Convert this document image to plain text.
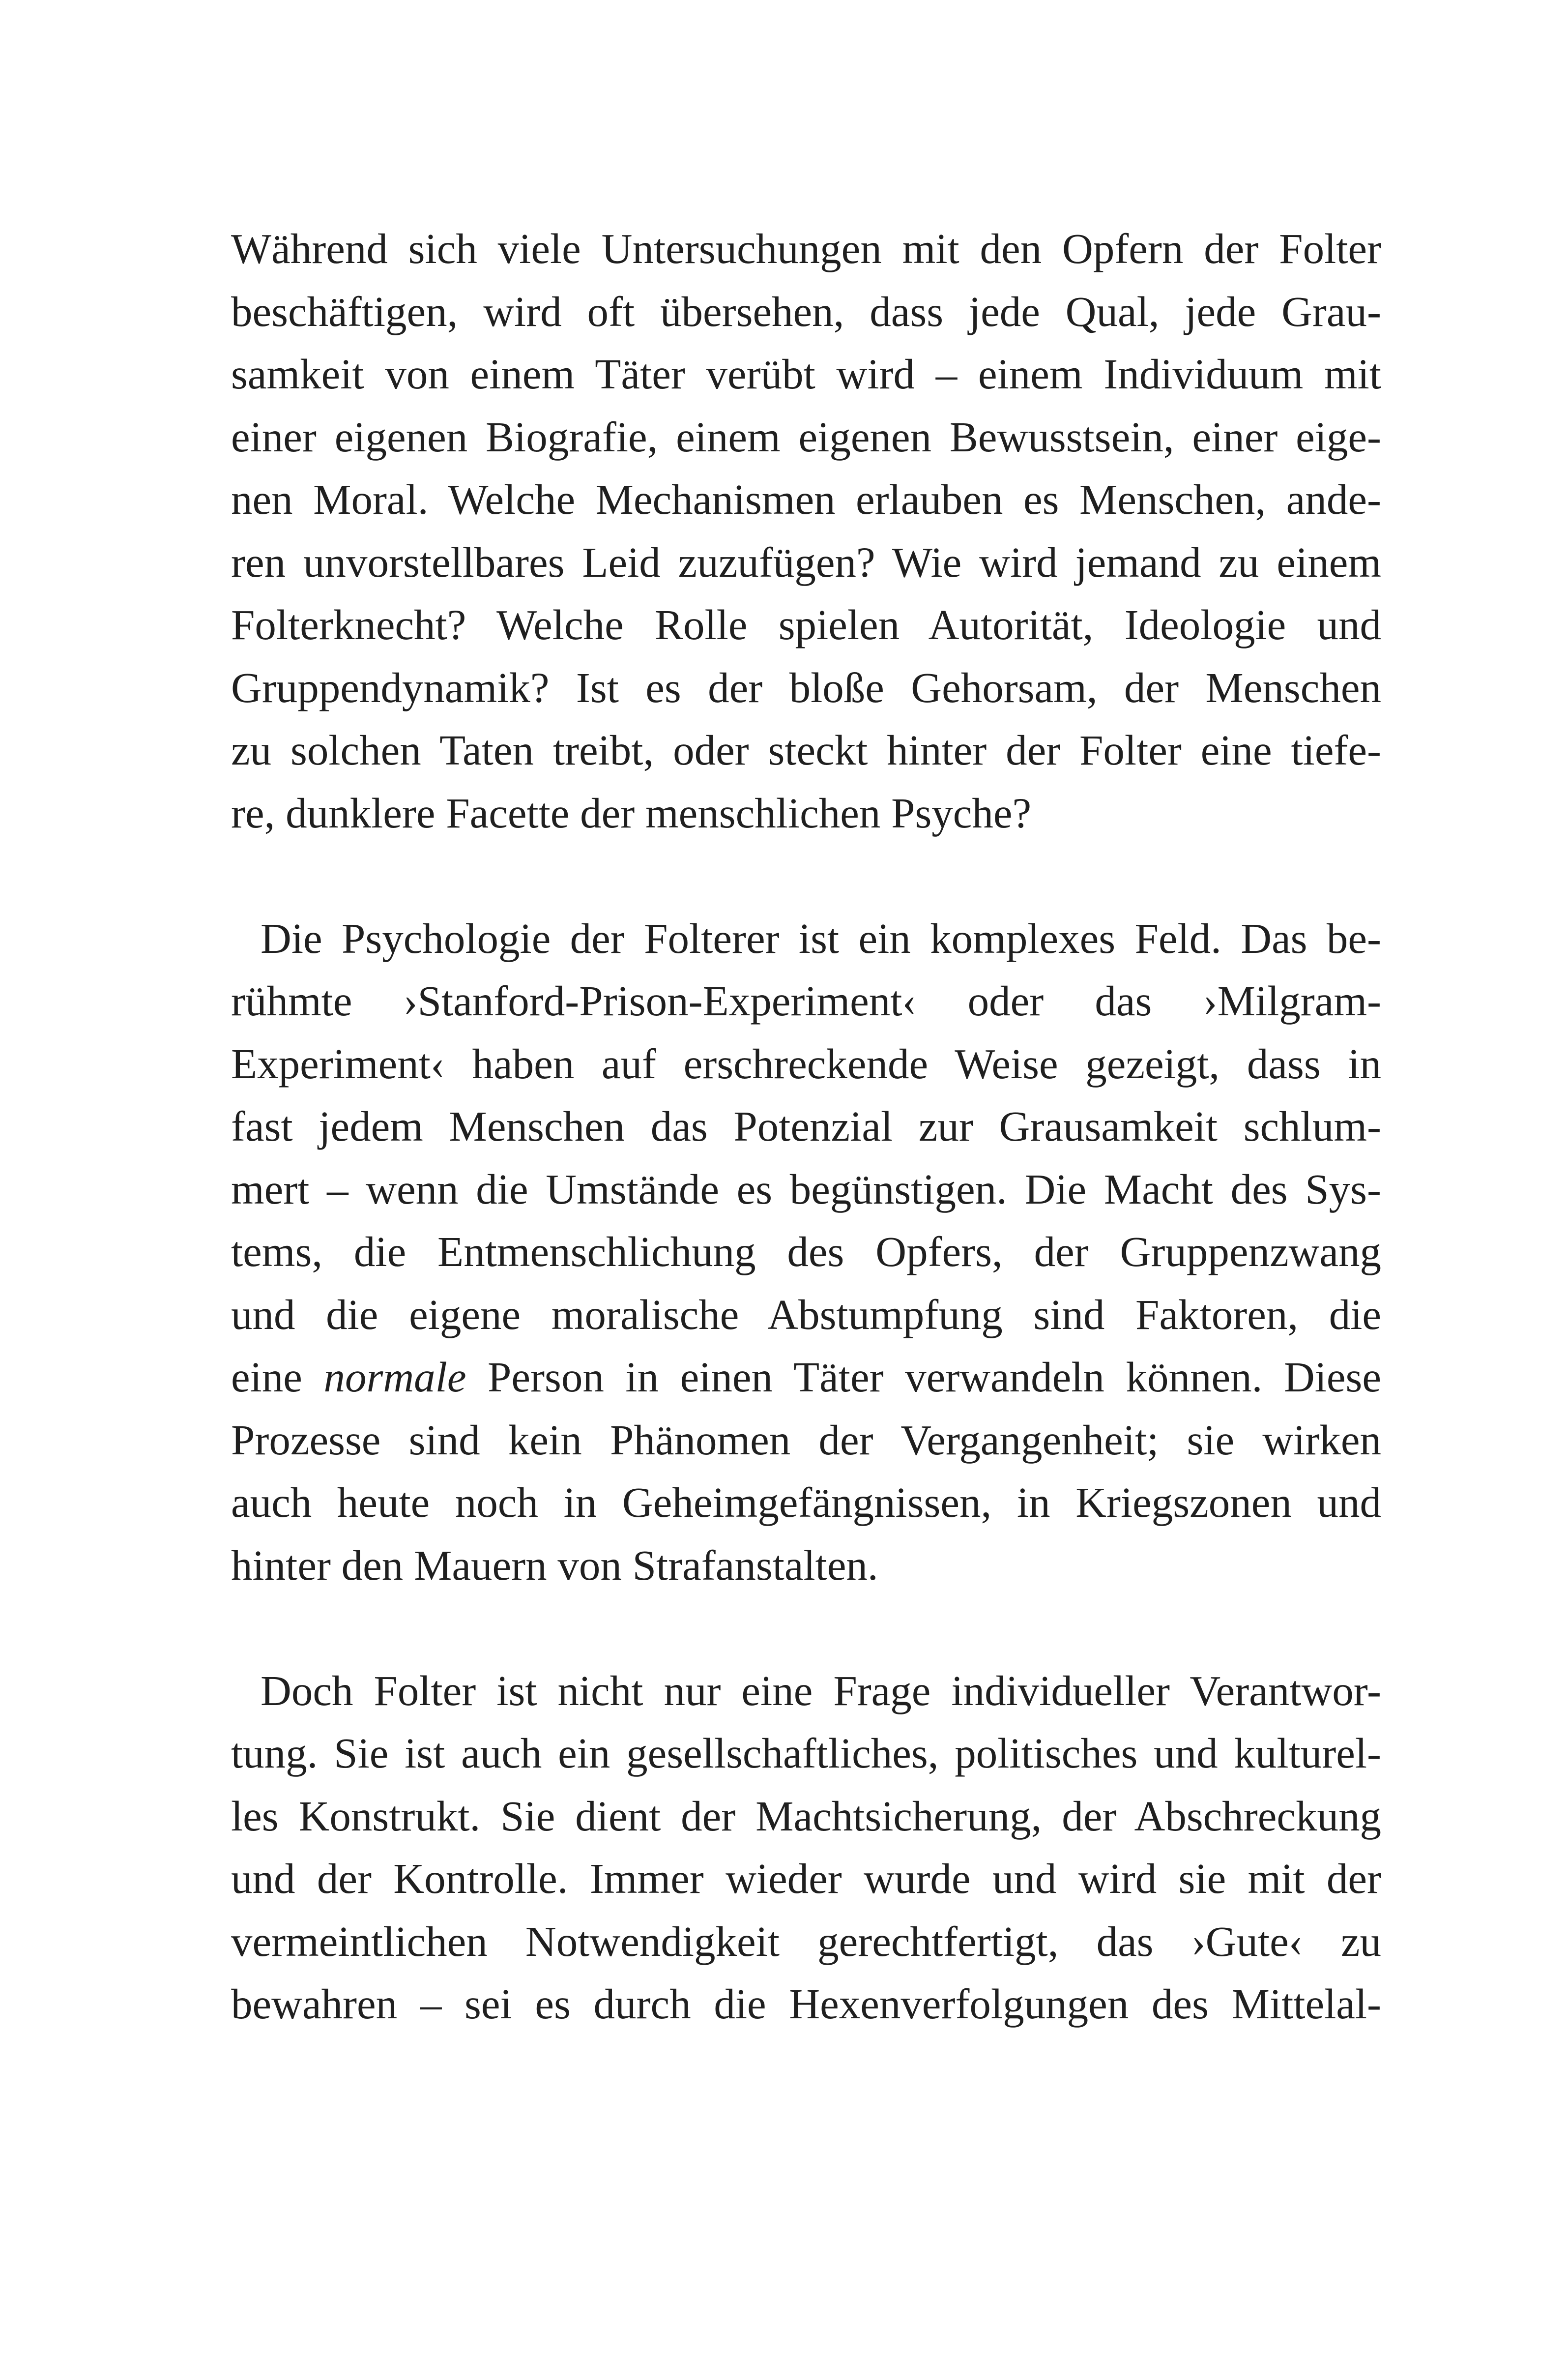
Während sich viele Untersuchungen mit den Opfern der Folter
beschäftigen, wird oft übersehen, dass jede Qual, jede Grau-
samkeit von einem Täter verübt wird – einem Individuum mit
einer eigenen Biografie, einem eigenen Bewusstsein, einer eige-
nen Moral. Welche Mechanismen erlauben es Menschen, ande-
ren unvorstellbares Leid zuzufügen? Wie wird jemand zu einem
Folterknecht? Welche Rolle spielen Autorität, Ideologie und
Gruppendynamik? Ist es der bloße Gehorsam, der Menschen
zu solchen Taten treibt, oder steckt hinter der Folter eine tiefe-
re, dunklere Facette der menschlichen Psyche?
Die Psychologie der Folterer ist ein komplexes Feld. Das be-
rühmte ›Stanford-Prison-Experiment‹ oder das ›Milgram-
Experiment‹ haben auf erschreckende Weise gezeigt, dass in
fast jedem Menschen das Potenzial zur Grausamkeit schlum-
mert – wenn die Umstände es begünstigen. Die Macht des Sys-
tems, die Entmenschlichung des Opfers, der Gruppenzwang
und die eigene moralische Abstumpfung sind Faktoren, die
eine normale Person in einen Täter verwandeln können. Diese
Prozesse sind kein Phänomen der Vergangenheit; sie wirken
auch heute noch in Geheimgefängnissen, in Kriegszonen und
hinter den Mauern von Strafanstalten.
Doch Folter ist nicht nur eine Frage individueller Verantwor-
tung. Sie ist auch ein gesellschaftliches, politisches und kulturel-
les Konstrukt. Sie dient der Machtsicherung, der Abschreckung
und der Kontrolle. Immer wieder wurde und wird sie mit der
vermeintlichen Notwendigkeit gerechtfertigt, das ›Gute‹ zu
bewahren – sei es durch die Hexenverfolgungen des Mittelal-
